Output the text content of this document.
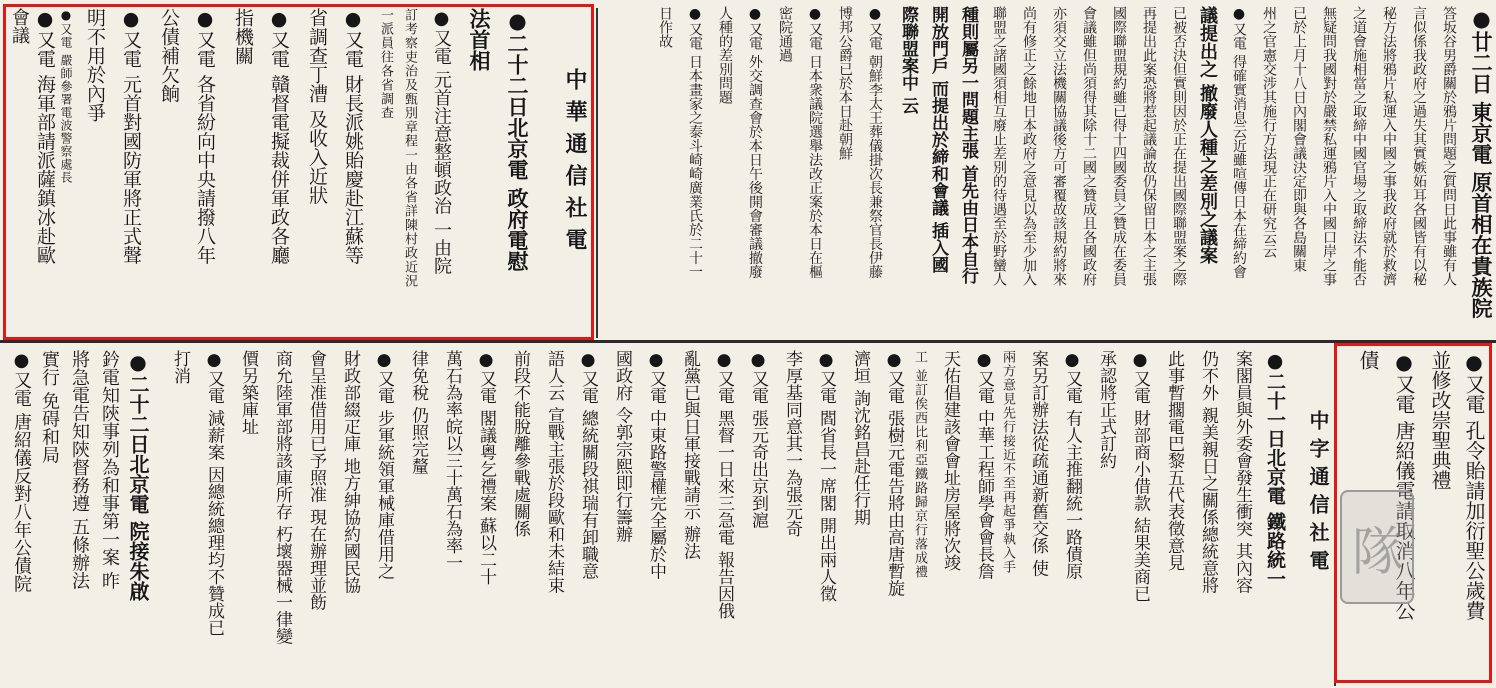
●廿二日 東京電 原首相在貴族院
答坂谷男爵關於鴉片問題之質問日此事雖有人
言似係我政府之過失其實嫉妬耳各國皆有以秘
秘方法將鴉片私運入中國之事我政府就於救濟
之道會施相當之取締中國官場之取締法不能否
無疑問我國對於嚴禁私運鴉片入中國口岸之事
已於上月十八日內閣會議決定即與各島關東
州之官憲交涉其施行方法現正在研究云云
●又電 得確實消息云近雖喧傳日本在締約會
議提出之 撤廢人種之差別之議案
已被否決但實則因於正在提出國際聯盟案之際
再提出此案恐將惹起議論故仍保留日本之主張
國際聯盟規約雖已得十四國委員之贊成在委員
會議雖但尚須得其除十二國之贊成且各國政府
亦須交立法機關協議後方可審覆故該規約將來
尚有修正之餘地日本政府之意見以為至少加入
聯盟之諸國須相互廢止差別的待遇至於野蠻人
種則屬另一問題主張 首先由日本自行
開放門戶 而提出於締和會議 插入國
際聯盟案中 云
●又電 朝鮮李太王葬儀掛次長兼祭官長伊藤
博邦公爵已於本日赴朝鮮
●又電 日本衆議院選舉法改正案於本日在樞
密院通過
●又電 外交調查會於本日午後開會審議撤廢
人種的差別問題
●又電 日本畫家之泰斗崎崎廣業氏於二十一
日作故
中華通信社電
●二十二日北京電 政府電慰
法首相
●又電 元首注意整頓政治 一由院
訂考察吏治及甄別章程一由各省詳陳村政近況
一派員往各省調查
●又電 財長派姚貽慶赴江蘇等
省調查丁漕 及收入近狀
●又電 贛督電擬裁併軍政各廳
指機關
●又電 各省紛向中央請撥八年
公債補欠餉
●又電 元首對國防軍將正式聲
明不用於內爭
●又電 嚴師參署電波警察處長
●又電 海軍部請派薩鎮冰赴歐
會議
●又電 孔令貽請加衍聖公歲費
並修改崇聖典禮
●又電 唐紹儀電請取消八年公
債
隊
中字通信社電
●二十一日北京電 鐵路統一
案閣員與外委會發生衝突 其內容
仍不外 親美親日之關係總統意將
此事暫擱電巴黎五代表徵意見
●又電 財部商小借款 結果美商已
承認將正式訂約
●又電 有人主推翻統一路債原
案另訂辦法從疏通新舊交係 使
兩方意見先行接近不至再起爭執入手
●又電 中華工程師學會會長詹
天佑倡建該會會址房屋將次竣
工 並訂俟西比利亞鐵路歸京行落成禮
●又電 張樹元電告將由高唐暫旋
濟垣 詢沈銘昌赴任行期
●又電 閻省長一席閣 開出兩人徵
李厚基同意其一為張元奇
●又電 張元奇出京到滬
●又電 黑督一日來三急電 報告因俄
亂黨已與日軍接戰請示 辦法
●又電 中東路警權完全屬於中
國政府 令郭宗熙即行籌辦
●又電 總統關段祺瑞有卸職意
語人云 宣戰主張於段歐和未結束
前段不能脫離參戰處關係
●又電 閣議粵乞禮案 蘇以二十
萬石為率皖以三十萬石為率一
律免稅 仍照完釐
●又電 步軍統領軍械庫借用之
財政部綴疋庫 地方紳協約國民協
會呈准借用已予照准 現在辦理並飭
商允陸軍部將該庫所存 朽壞器械一律變
價另築庫址
●又電 減薪案 因總統總理均不贊成已
打消
●二十二日北京電 院接朱啟
鈐電知陝事列為和事第一案 昨
將急電告知陝督務遵 五條辦法
實行 免碍和局
●又電 唐紹儀反對八年公債院
